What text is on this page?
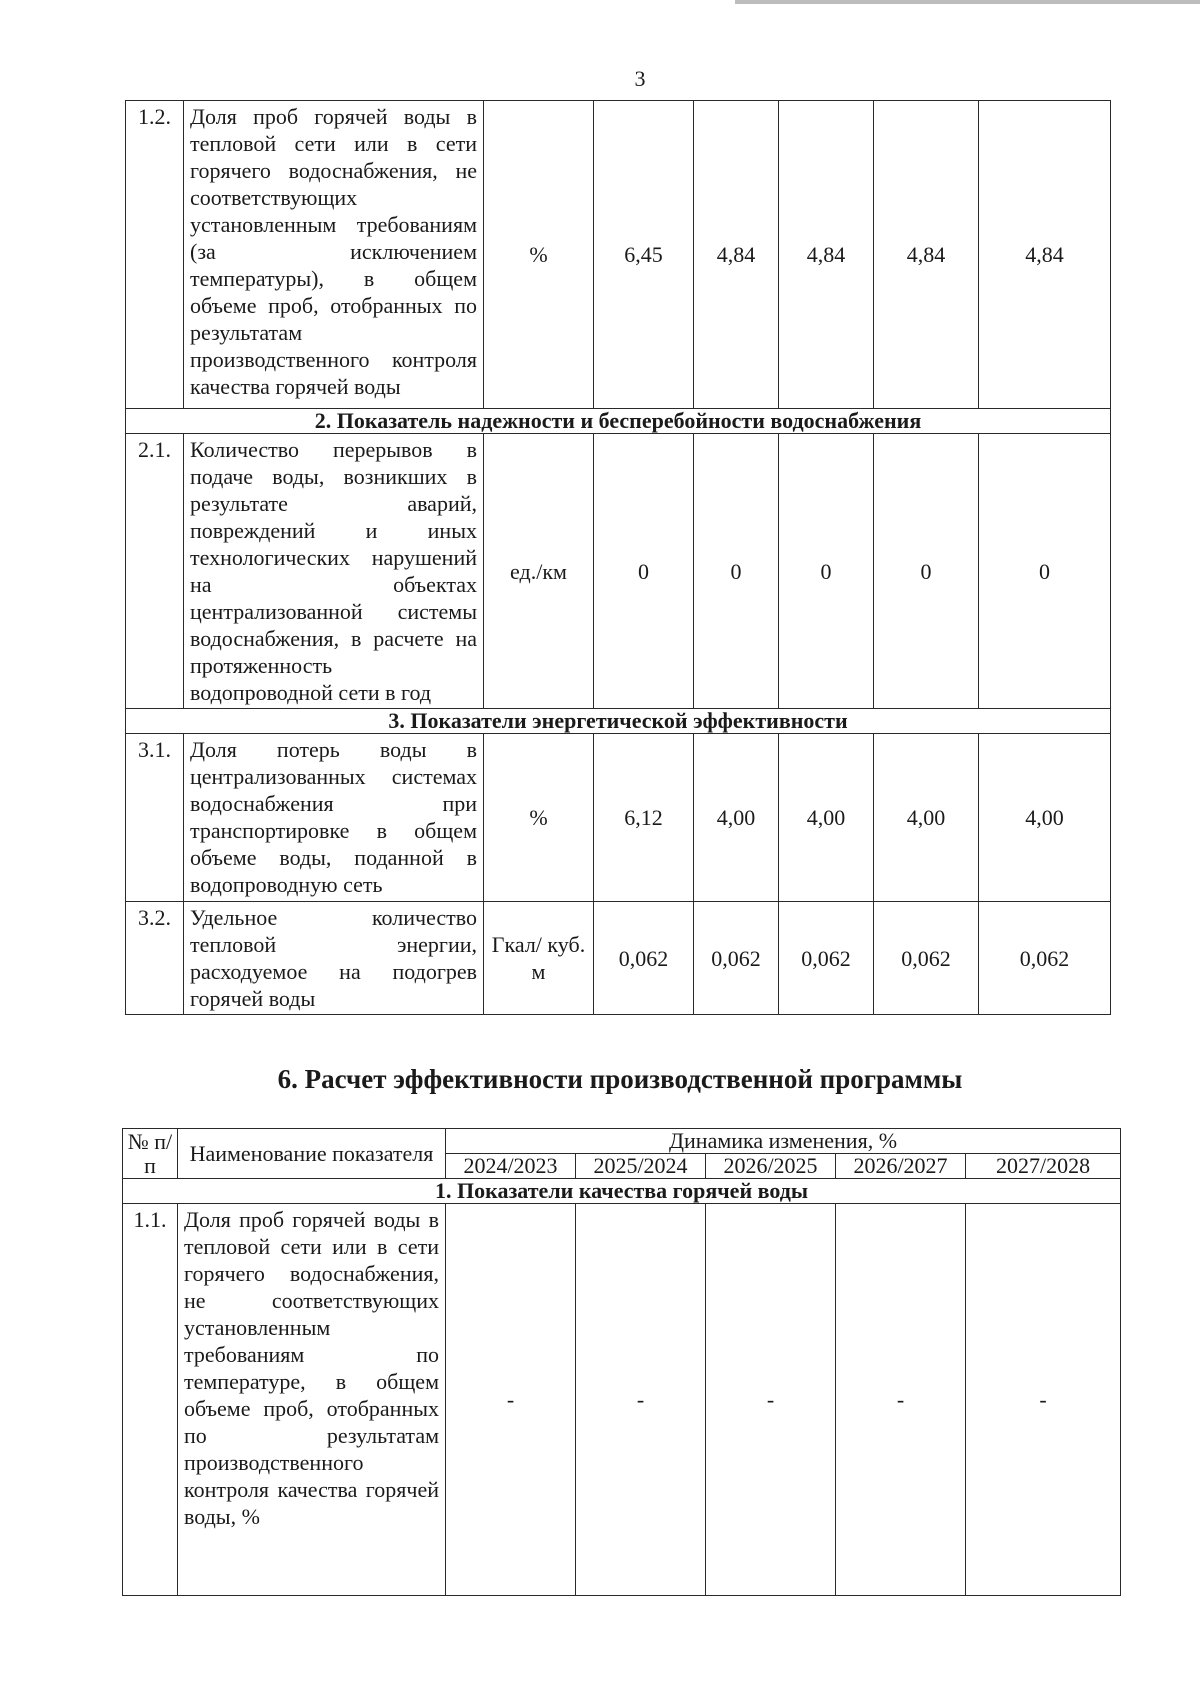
3
1.2.	Доля проб горячей воды в тепловой сети или в сети горячего водоснабжения, не соответствующих установленным требованиям (за исключением температуры), в общем объеме проб, отобранных по результатам производственного контроля качества горячей воды	%	6,45	4,84	4,84	4,84	4,84
2. Показатель надежности и бесперебойности водоснабжения							
2.1.	Количество перерывов в подаче воды, возникших в результате аварий, повреждений и иных технологических нарушений на объектах централизованной системы водоснабжения, в расчете на протяженность водопроводной сети в год	ед./км	0	0	0	0	0
3. Показатели энергетической эффективности							
3.1.	Доля потерь воды в централизованных системах водоснабжения при транспортировке в общем объеме воды, поданной в водопроводную сеть	%	6,12	4,00	4,00	4,00	4,00
3.2.	Удельное количество тепловой энергии, расходуемое на подогрев горячей воды	Гкал/ куб. м	0,062	0,062	0,062	0,062	0,062
6. Расчет эффективности производственной программы
№ п/п	Наименование показателя	Динамика изменения, %				
		2024/2023	2025/2024	2026/2025	2026/2027	2027/2028
1. Показатели качества горячей воды						
1.1.	Доля проб горячей воды в тепловой сети или в сети горячего водоснабжения, не соответствующих установленным требованиям по температуре, в общем объеме проб, отобранных по результатам производственного контроля качества горячей воды, %	-	-	-	-	-
